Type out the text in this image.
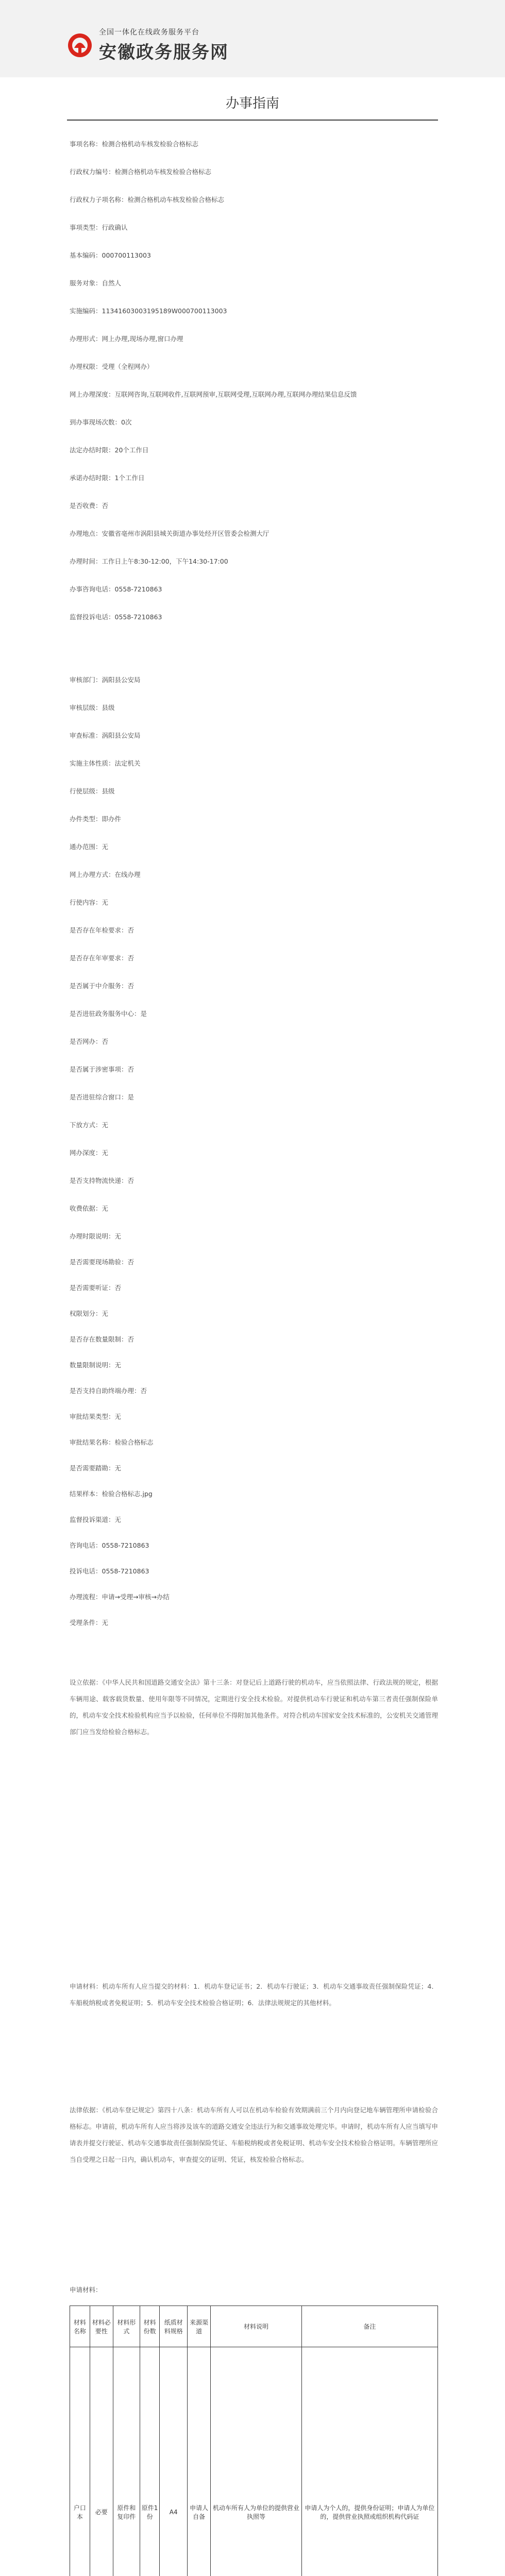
全国一体化在线政务服务平台
安徽政务服务网
办事指南
事项名称：检测合格机动车核发检验合格标志
行政权力编号：检测合格机动车核发检验合格标志
行政权力子项名称：检测合格机动车核发检验合格标志
事项类型：行政确认
基本编码：000700113003
服务对象：自然人
实施编码：11341603003195189W000700113003
办理形式：网上办理,现场办理,窗口办理
办理权限：受理（全程网办）
网上办理深度：互联网咨询,互联网收件,互联网预审,互联网受理,互联网办理,互联网办理结果信息反馈
到办事现场次数：0次
法定办结时限：20个工作日
承诺办结时限：1个工作日
是否收费：否
办理地点：安徽省亳州市涡阳县城关街道办事处经开区管委会检测大厅
办理时间：工作日上午8:30-12:00，下午14:30-17:00
办事咨询电话：0558-7210863
监督投诉电话：0558-7210863
审核部门：涡阳县公安局
审核层级：县级
审查标准：涡阳县公安局
实施主体性质：法定机关
行使层级：县级
办件类型：即办件
通办范围：无
网上办理方式：在线办理
行使内容：无
是否存在年检要求：否
是否存在年审要求：否
是否属于中介服务：否
是否进驻政务服务中心：是
是否网办：否
是否属于涉密事项：否
是否进驻综合窗口：是
下放方式：无
网办深度：无
是否支持物流快递：否
收费依据：无
办理时限说明：无
是否需要现场勘验：否
是否需要听证：否
权限划分：无
是否存在数量限制：否
数量限制说明：无
是否支持自助终端办理：否
审批结果类型：无
审批结果名称：检验合格标志
是否需要踏勘：无
结果样本：检验合格标志.jpg
监督投诉渠道：无
咨询电话：0558-7210863
投诉电话：0558-7210863
办理流程：申请→受理→审核→办结
受理条件：无
设立依据：《中华人民共和国道路交通安全法》第十三条：对登记后上道路行驶的机动车，应当依照法律、行政法规的规定，根据车辆用途、载客载货数量、使用年限等不同情况，定期进行安全技术检验。对提供机动车行驶证和机动车第三者责任强制保险单的，机动车安全技术检验机构应当予以检验，任何单位不得附加其他条件。对符合机动车国家安全技术标准的，公安机关交通管理部门应当发给检验合格标志。
申请材料：机动车所有人应当提交的材料：1．机动车登记证书；2．机动车行驶证；3．机动车交通事故责任强制保险凭证；4．车船税纳税或者免税证明；5．机动车安全技术检验合格证明；6．法律法规规定的其他材料。
法律依据：《机动车登记规定》第四十八条：机动车所有人可以在机动车检验有效期满前三个月内向登记地车辆管理所申请检验合格标志。申请前，机动车所有人应当将涉及该车的道路交通安全违法行为和交通事故处理完毕。申请时，机动车所有人应当填写申请表并提交行驶证、机动车交通事故责任强制保险凭证、车船税纳税或者免税证明、机动车安全技术检验合格证明。车辆管理所应当自受理之日起一日内，确认机动车，审查提交的证明、凭证，核发检验合格标志。
申请材料：
材料名称	材料必要性	材料形式	材料份数	纸质材料规格	来源渠道	材料说明	备注
户口本	必要	原件和复印件	原件1份	A4	申请人自备	机动车所有人为单位的提供营业执照等	申请人为个人的，提供身份证明；申请人为单位的，提供营业执照或组织机构代码证
